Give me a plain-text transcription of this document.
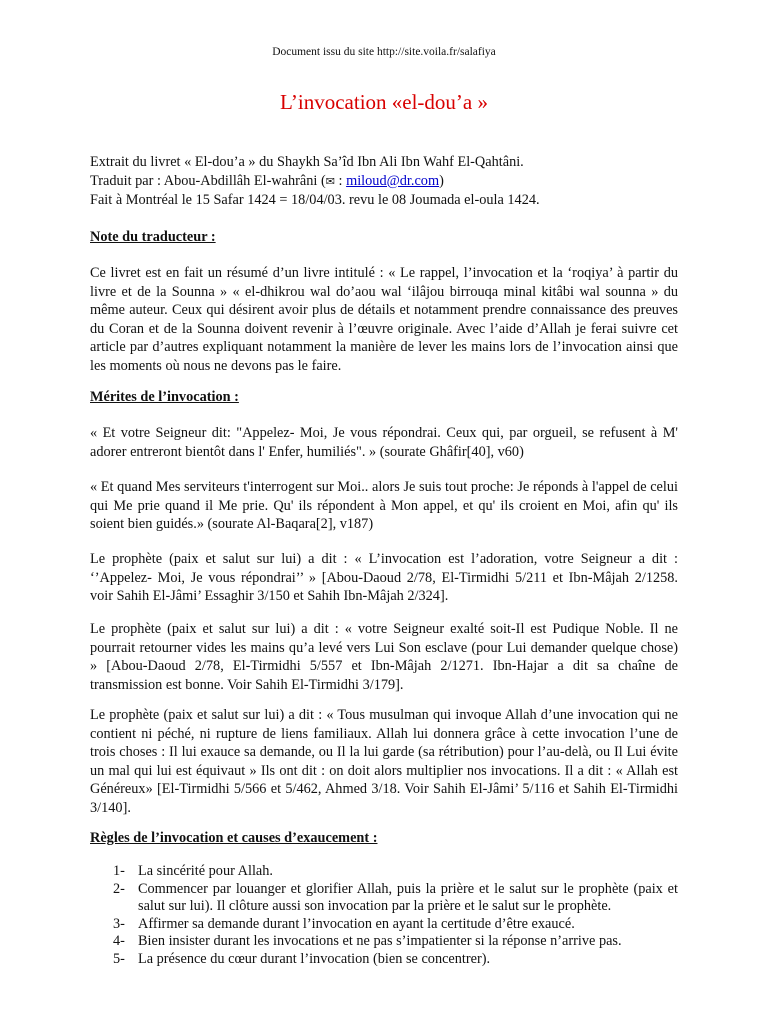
Document issu du site http://site.voila.fr/salafiya
L’invocation «el-dou’a »
Extrait du livret « El-dou’a » du Shaykh Sa’îd Ibn Ali Ibn Wahf El-Qahtâni.
Traduit par : Abou-Abdillâh El-wahrâni (✉ : miloud@dr.com)
Fait à Montréal le 15 Safar 1424 = 18/04/03. revu le 08 Joumada el-oula 1424.
Note du traducteur :
Ce livret est en fait un résumé d’un livre intitulé : « Le rappel, l’invocation et la ‘roqiya’ à partir du livre et de la Sounna » « el-dhikrou wal do’aou wal ‘ilâjou birrouqa minal kitâbi wal sounna » du même auteur. Ceux qui désirent avoir plus de détails et notamment prendre connaissance des preuves du Coran et de la Sounna doivent revenir à l’œuvre originale. Avec l’aide d’Allah je ferai suivre cet article par d’autres expliquant notamment la manière de lever les mains lors de l’invocation ainsi que les moments où nous ne devons pas le faire.
Mérites de l’invocation :
« Et votre Seigneur dit: "Appelez- Moi, Je vous répondrai. Ceux qui, par orgueil, se refusent à M' adorer entreront bientôt dans l' Enfer, humiliés". » (sourate Ghâfir[40], v60)
« Et quand Mes serviteurs t'interrogent sur Moi.. alors Je suis tout proche: Je réponds à l'appel de celui qui Me prie quand il Me prie. Qu' ils répondent à Mon appel, et qu' ils croient en Moi, afin qu' ils soient bien guidés.» (sourate Al-Baqara[2], v187)
Le prophète (paix et salut sur lui) a dit : « L’invocation est l’adoration, votre Seigneur a dit : ‘’Appelez- Moi, Je vous répondrai’’ » [Abou-Daoud 2/78, El-Tirmidhi 5/211 et Ibn-Mâjah 2/1258. voir Sahih El-Jâmi’ Essaghir 3/150 et Sahih Ibn-Mâjah 2/324].
Le prophète (paix et salut sur lui) a dit : « votre Seigneur exalté soit-Il est Pudique Noble. Il ne pourrait retourner vides les mains qu’a levé vers Lui Son esclave (pour Lui demander quelque chose) » [Abou-Daoud 2/78, El-Tirmidhi 5/557 et Ibn-Mâjah 2/1271. Ibn-Hajar a dit sa chaîne de transmission est bonne. Voir Sahih El-Tirmidhi 3/179].
Le prophète (paix et salut sur lui) a dit : « Tous musulman qui invoque Allah d’une invocation qui ne contient ni péché, ni rupture de liens familiaux. Allah lui donnera grâce à cette invocation l’une de trois choses : Il lui exauce sa demande, ou Il la lui garde (sa rétribution) pour l’au-delà, ou Il Lui évite un mal qui lui est équivaut » Ils ont dit : on doit alors multiplier nos invocations. Il a dit : « Allah est Généreux» [El-Tirmidhi 5/566 et 5/462, Ahmed 3/18. Voir Sahih El-Jâmi’ 5/116 et Sahih El-Tirmidhi 3/140].
Règles de l’invocation et causes d’exaucement :
1- La sincérité pour Allah.
2- Commencer par louanger et glorifier Allah, puis la prière et le salut sur le prophète (paix et salut sur lui). Il clôture aussi son invocation par la prière et le salut sur le prophète.
3- Affirmer sa demande durant l’invocation en ayant la certitude d’être exaucé.
4- Bien insister durant les invocations et ne pas s’impatienter si la réponse n’arrive pas.
5- La présence du cœur durant l’invocation (bien se concentrer).
